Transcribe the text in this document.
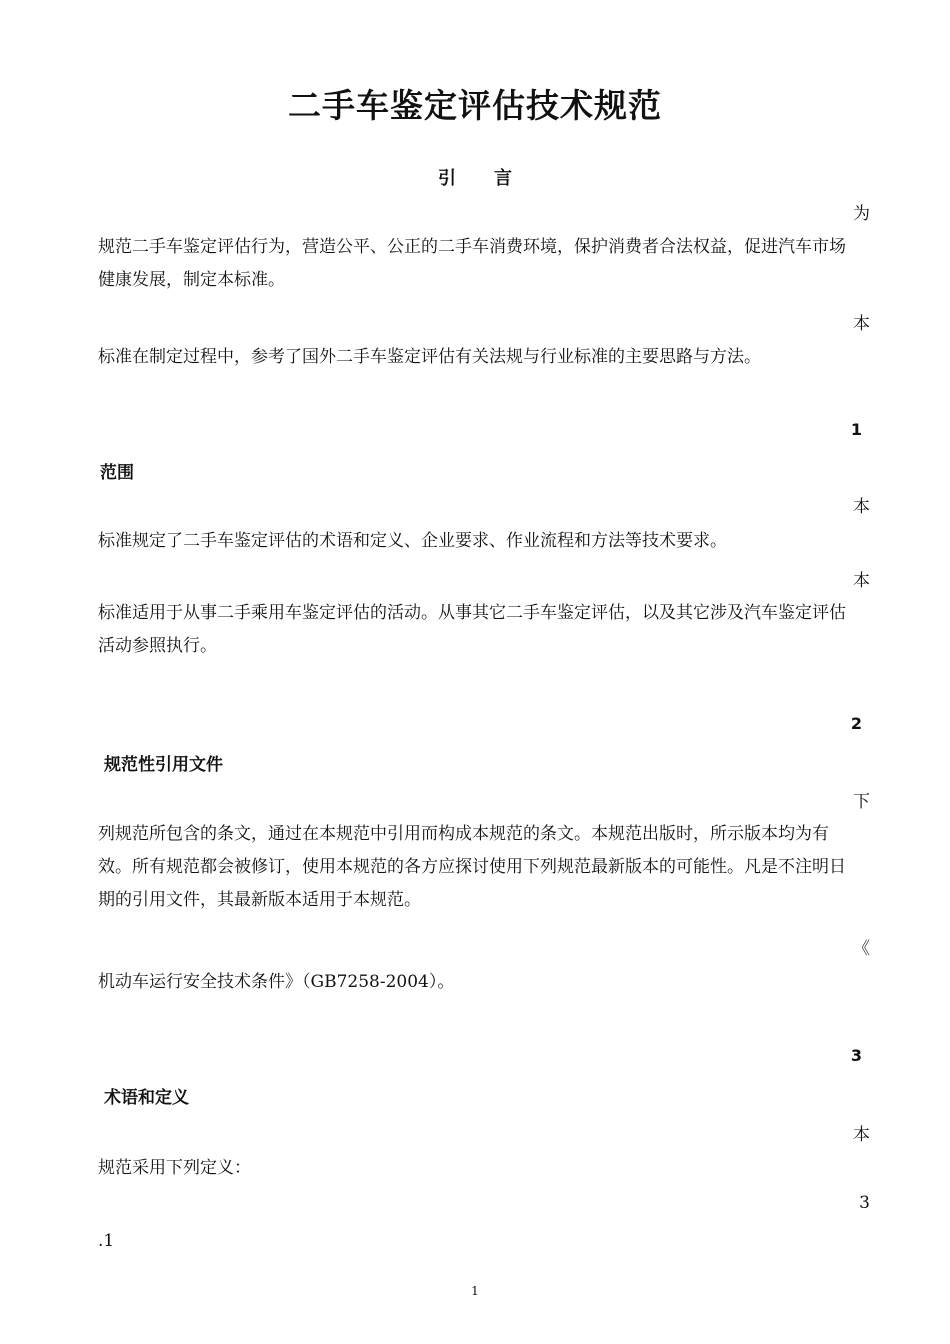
二手车鉴定评估技术规范
引 言
为
规范二手车鉴定评估行为，营造公平、公正的二手车消费环境，保护消费者合法权益，促进汽车市场健康发展，制定本标准。
本
标准在制定过程中，参考了国外二手车鉴定评估有关法规与行业标准的主要思路与方法。
1
范围
本
标准规定了二手车鉴定评估的术语和定义、企业要求、作业流程和方法等技术要求。
本
标准适用于从事二手乘用车鉴定评估的活动。从事其它二手车鉴定评估，以及其它涉及汽车鉴定评估活动参照执行。
2
规范性引用文件
下
列规范所包含的条文，通过在本规范中引用而构成本规范的条文。本规范出版时，所示版本均为有效。所有规范都会被修订，使用本规范的各方应探讨使用下列规范最新版本的可能性。凡是不注明日期的引用文件，其最新版本适用于本规范。
《
机动车运行安全技术条件》（GB7258-2004）。
3
术语和定义
本
规范采用下列定义：
3
.1
1
